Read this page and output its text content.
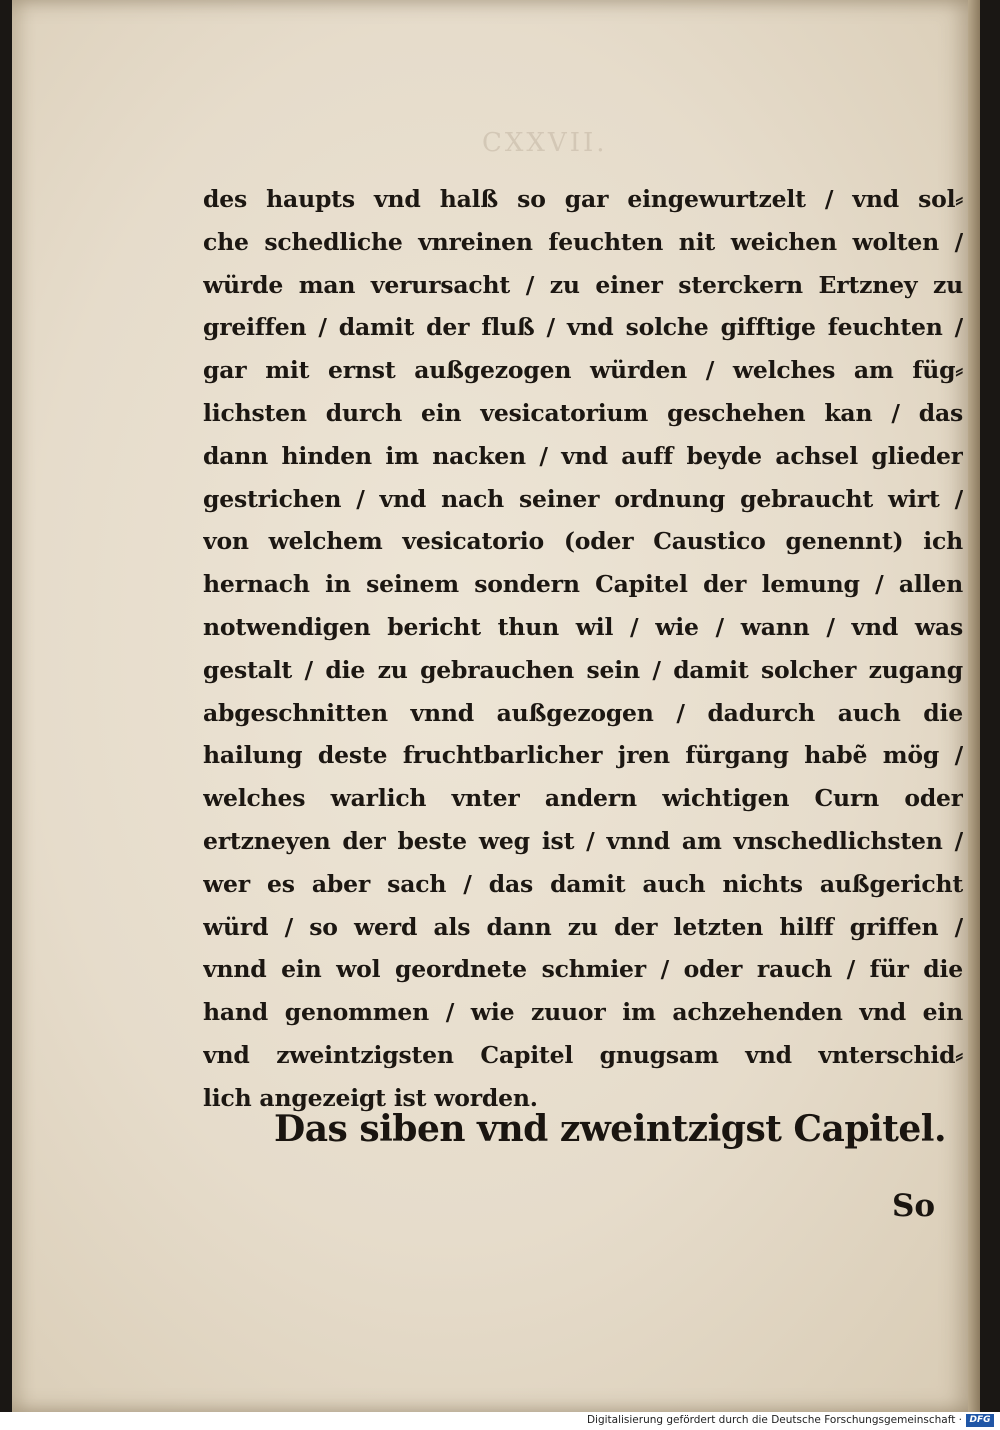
CXXVII.
des haupts vnd halß so gar eingewurtzelt / vnd sol⸗
che schedliche vnreinen feuchten nit weichen wolten /
würde man verursacht / zu einer sterckern Ertzney zu
greiffen / damit der fluß / vnd solche gifftige feuchten /
gar mit ernst außgezogen würden / welches am füg⸗
lichsten durch ein vesicatorium geschehen kan / das
dann hinden im nacken / vnd auff beyde achsel glieder
gestrichen / vnd nach seiner ordnung gebraucht wirt /
von welchem vesicatorio (oder Caustico genennt) ich
hernach in seinem sondern Capitel der lemung / allen
notwendigen bericht thun wil / wie / wann / vnd was
gestalt / die zu gebrauchen sein / damit solcher zugang
abgeschnitten vnnd außgezogen / dadurch auch die
hailung deste fruchtbarlicher jren fürgang habẽ mög /
welches warlich vnter andern wichtigen Curn oder
ertzneyen der beste weg ist / vnnd am vnschedlichsten /
wer es aber sach / das damit auch nichts außgericht
würd / so werd als dann zu der letzten hilff griffen /
vnnd ein wol geordnete schmier / oder rauch / für die
hand genommen / wie zuuor im achzehenden vnd ein
vnd zweintzigsten Capitel gnugsam vnd vnterschid⸗
lich angezeigt ist worden.
Das siben vnd zweintzigst Capitel.
So
Digitalisierung gefördert durch die Deutsche Forschungsgemeinschaft · DFG
